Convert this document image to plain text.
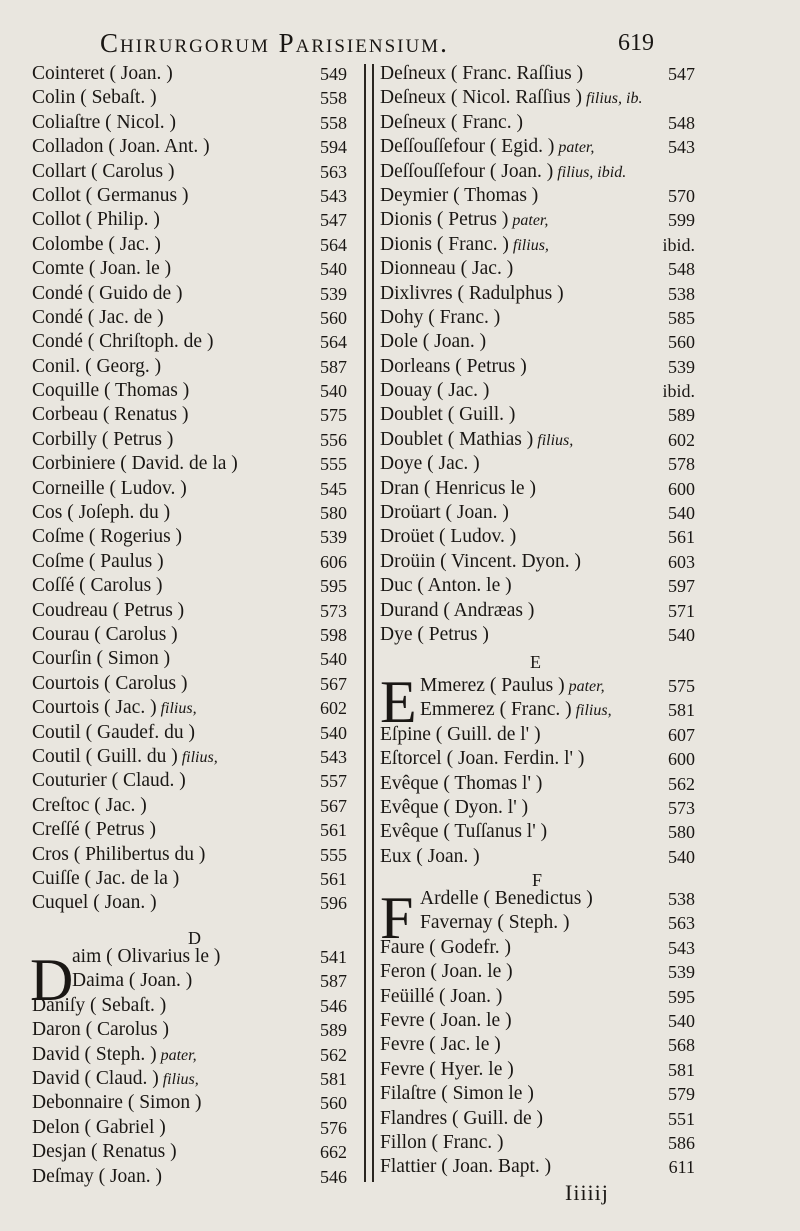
Chirurgorum Parisiensium.	619
Cointeret ( Joan. )	549
Colin ( Sebaſt. )	558
Coliaſtre ( Nicol. )	558
Colladon ( Joan. Ant. )	594
Collart ( Carolus )	563
Collot ( Germanus )	543
Collot ( Philip. )	547
Colombe ( Jac. )	564
Comte ( Joan. le )	540
Condé ( Guido de )	539
Condé ( Jac. de )	560
Condé ( Chriſtoph. de )	564
Conil. ( Georg. )	587
Coquille ( Thomas )	540
Corbeau ( Renatus )	575
Corbilly ( Petrus )	556
Corbiniere ( David. de la )	555
Corneille ( Ludov. )	545
Cos ( Joſeph. du )	580
Coſme ( Rogerius )	539
Coſme ( Paulus )	606
Coſſé ( Carolus )	595
Coudreau ( Petrus )	573
Courau ( Carolus )	598
Courſin ( Simon )	540
Courtois ( Carolus )	567
Courtois ( Jac. ) filius,	602
Coutil ( Gaudef. du )	540
Coutil ( Guill. du ) filius,	543
Couturier ( Claud. )	557
Creſtoc ( Jac. )	567
Creſſé ( Petrus )	561
Cros ( Philibertus du )	555
Cuiſſe ( Jac. de la )	561
Cuquel ( Joan. )	596
D
D
aim ( Olivarius le )	541
Daima ( Joan. )	587
Daniſy ( Sebaſt. )	546
Daron ( Carolus )	589
David ( Steph. ) pater,	562
David ( Claud. ) filius,	581
Debonnaire ( Simon )	560
Delon ( Gabriel )	576
Desjan ( Renatus )	662
Deſmay ( Joan. )	546
Deſneux ( Franc. Raſſius )	547
Deſneux ( Nicol. Raſſius ) filius, ib.
Deſneux ( Franc. )	548
Deſſouſſefour ( Egid. ) pater,	543
Deſſouſſefour ( Joan. ) filius, ibid.
Deymier ( Thomas )	570
Dionis ( Petrus ) pater,	599
Dionis ( Franc. ) filius,	ibid.
Dionneau ( Jac. )	548
Dixlivres ( Radulphus )	538
Dohy ( Franc. )	585
Dole ( Joan. )	560
Dorleans ( Petrus )	539
Douay ( Jac. )	ibid.
Doublet ( Guill. )	589
Doublet ( Mathias ) filius,	602
Doye ( Jac. )	578
Dran ( Henricus le )	600
Droüart ( Joan. )	540
Droüet ( Ludov. )	561
Droüin ( Vincent. Dyon. )	603
Duc ( Anton. le )	597
Durand ( Andræas )	571
Dye ( Petrus )	540
E
E Mmerez ( Paulus ) pater,	575
Emmerez ( Franc. ) filius,	581
Eſpine ( Guill. de l' )	607
Eſtorcel ( Joan. Ferdin. l' )	600
Evêque ( Thomas l' )	562
Evêque ( Dyon. l' )	573
Evêque ( Tuſſanus l' )	580
Eux ( Joan. )	540
F
F Ardelle ( Benedictus )	538
Favernay ( Steph. )	563
Faure ( Godefr. )	543
Feron ( Joan. le )	539
Feüillé ( Joan. )	595
Fevre ( Joan. le )	540
Fevre ( Jac. le )	568
Fevre ( Hyer. le )	581
Filaſtre ( Simon le )	579
Flandres ( Guill. de )	551
Fillon ( Franc. )	586
Flattier ( Joan. Bapt. )	611
Iiiiij
